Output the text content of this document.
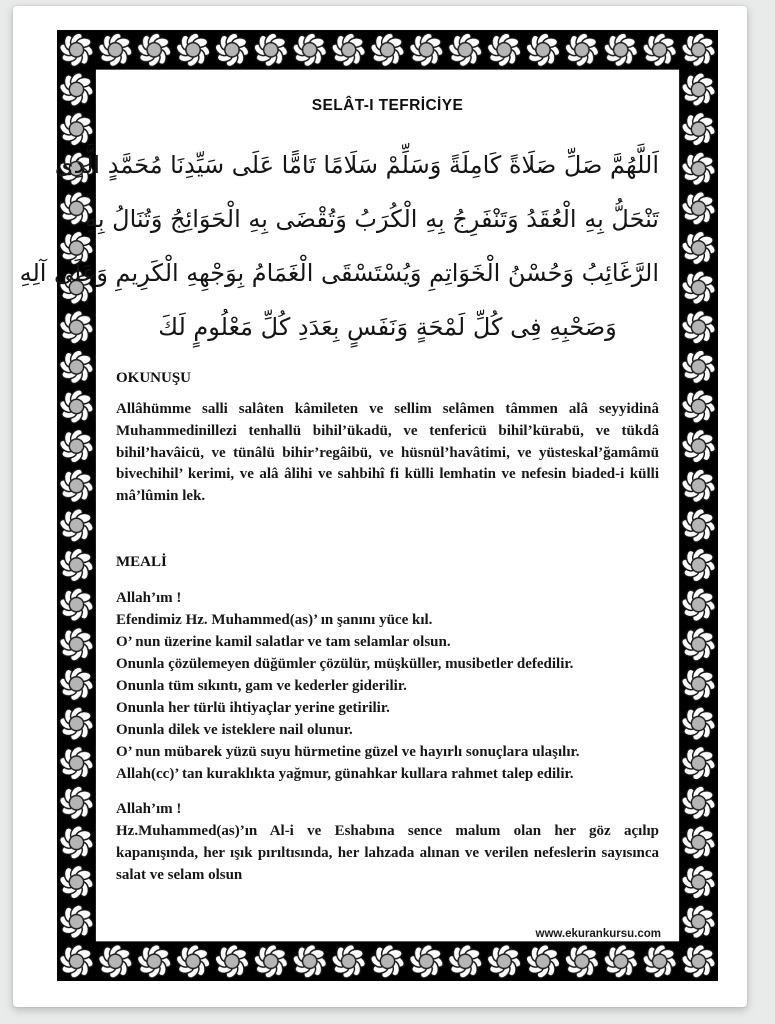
SELÂT-I TEFRİCİYE
اَللَّهُمَّ صَلِّ صَلَاةً كَامِلَةً وَسَلِّمْ سَلَامًا تَامًّا عَلَى سَيِّدِنَا مُحَمَّدٍ الَّذِى
تَنْحَلُّ بِهِ الْعُقَدُ وَتَنْفَرِجُ بِهِ الْكُرَبُ وَتُقْضَى بِهِ الْحَوَائِجُ وَتُنَالُ بِهِ
الرَّغَائِبُ وَحُسْنُ الْخَوَاتِمِ وَيُسْتَسْقَى الْغَمَامُ بِوَجْهِهِ الْكَرِيمِ وَعَلَى آلِهِ
وَصَحْبِهِ فِى كُلِّ لَمْحَةٍ وَنَفَسٍ بِعَدَدِ كُلِّ مَعْلُومٍ لَكَ
OKUNUŞU
Allâhümme salli salâten kâmileten ve sellim selâmen tâmmen alâ seyyidinâ Muhammedinillezi tenhallü bihil’ükadü, ve tenfericü bihil’kürabü, ve tükdâ bihil’havâicü, ve tünâlü bihir’regâibü, ve hüsnül’havâtimi, ve yüsteskal’ğamâmü bivechihil’ kerimi, ve alâ âlihi ve sahbihî fi külli lemhatin ve nefesin biaded-i külli mâ’lûmin lek.
MEALİ
Allah’ım !
Efendimiz Hz. Muhammed(as)’ ın şanını yüce kıl.
O’ nun üzerine kamil salatlar ve tam selamlar olsun.
Onunla çözülemeyen düğümler çözülür, müşküller, musibetler defedilir.
Onunla tüm sıkıntı, gam ve kederler giderilir.
Onunla her türlü ihtiyaçlar yerine getirilir.
Onunla dilek ve isteklere nail olunur.
O’ nun mübarek yüzü suyu hürmetine güzel ve hayırlı sonuçlara ulaşılır.
Allah(cc)’ tan kuraklıkta yağmur, günahkar kullara rahmet talep edilir.
Allah’ım !
Hz.Muhammed(as)’ın Al-i ve Eshabına sence malum olan her göz açılıp kapanışında, her ışık pırıltısında, her lahzada alınan ve verilen nefeslerin sayısınca salat ve selam olsun
www.ekurankursu.com
